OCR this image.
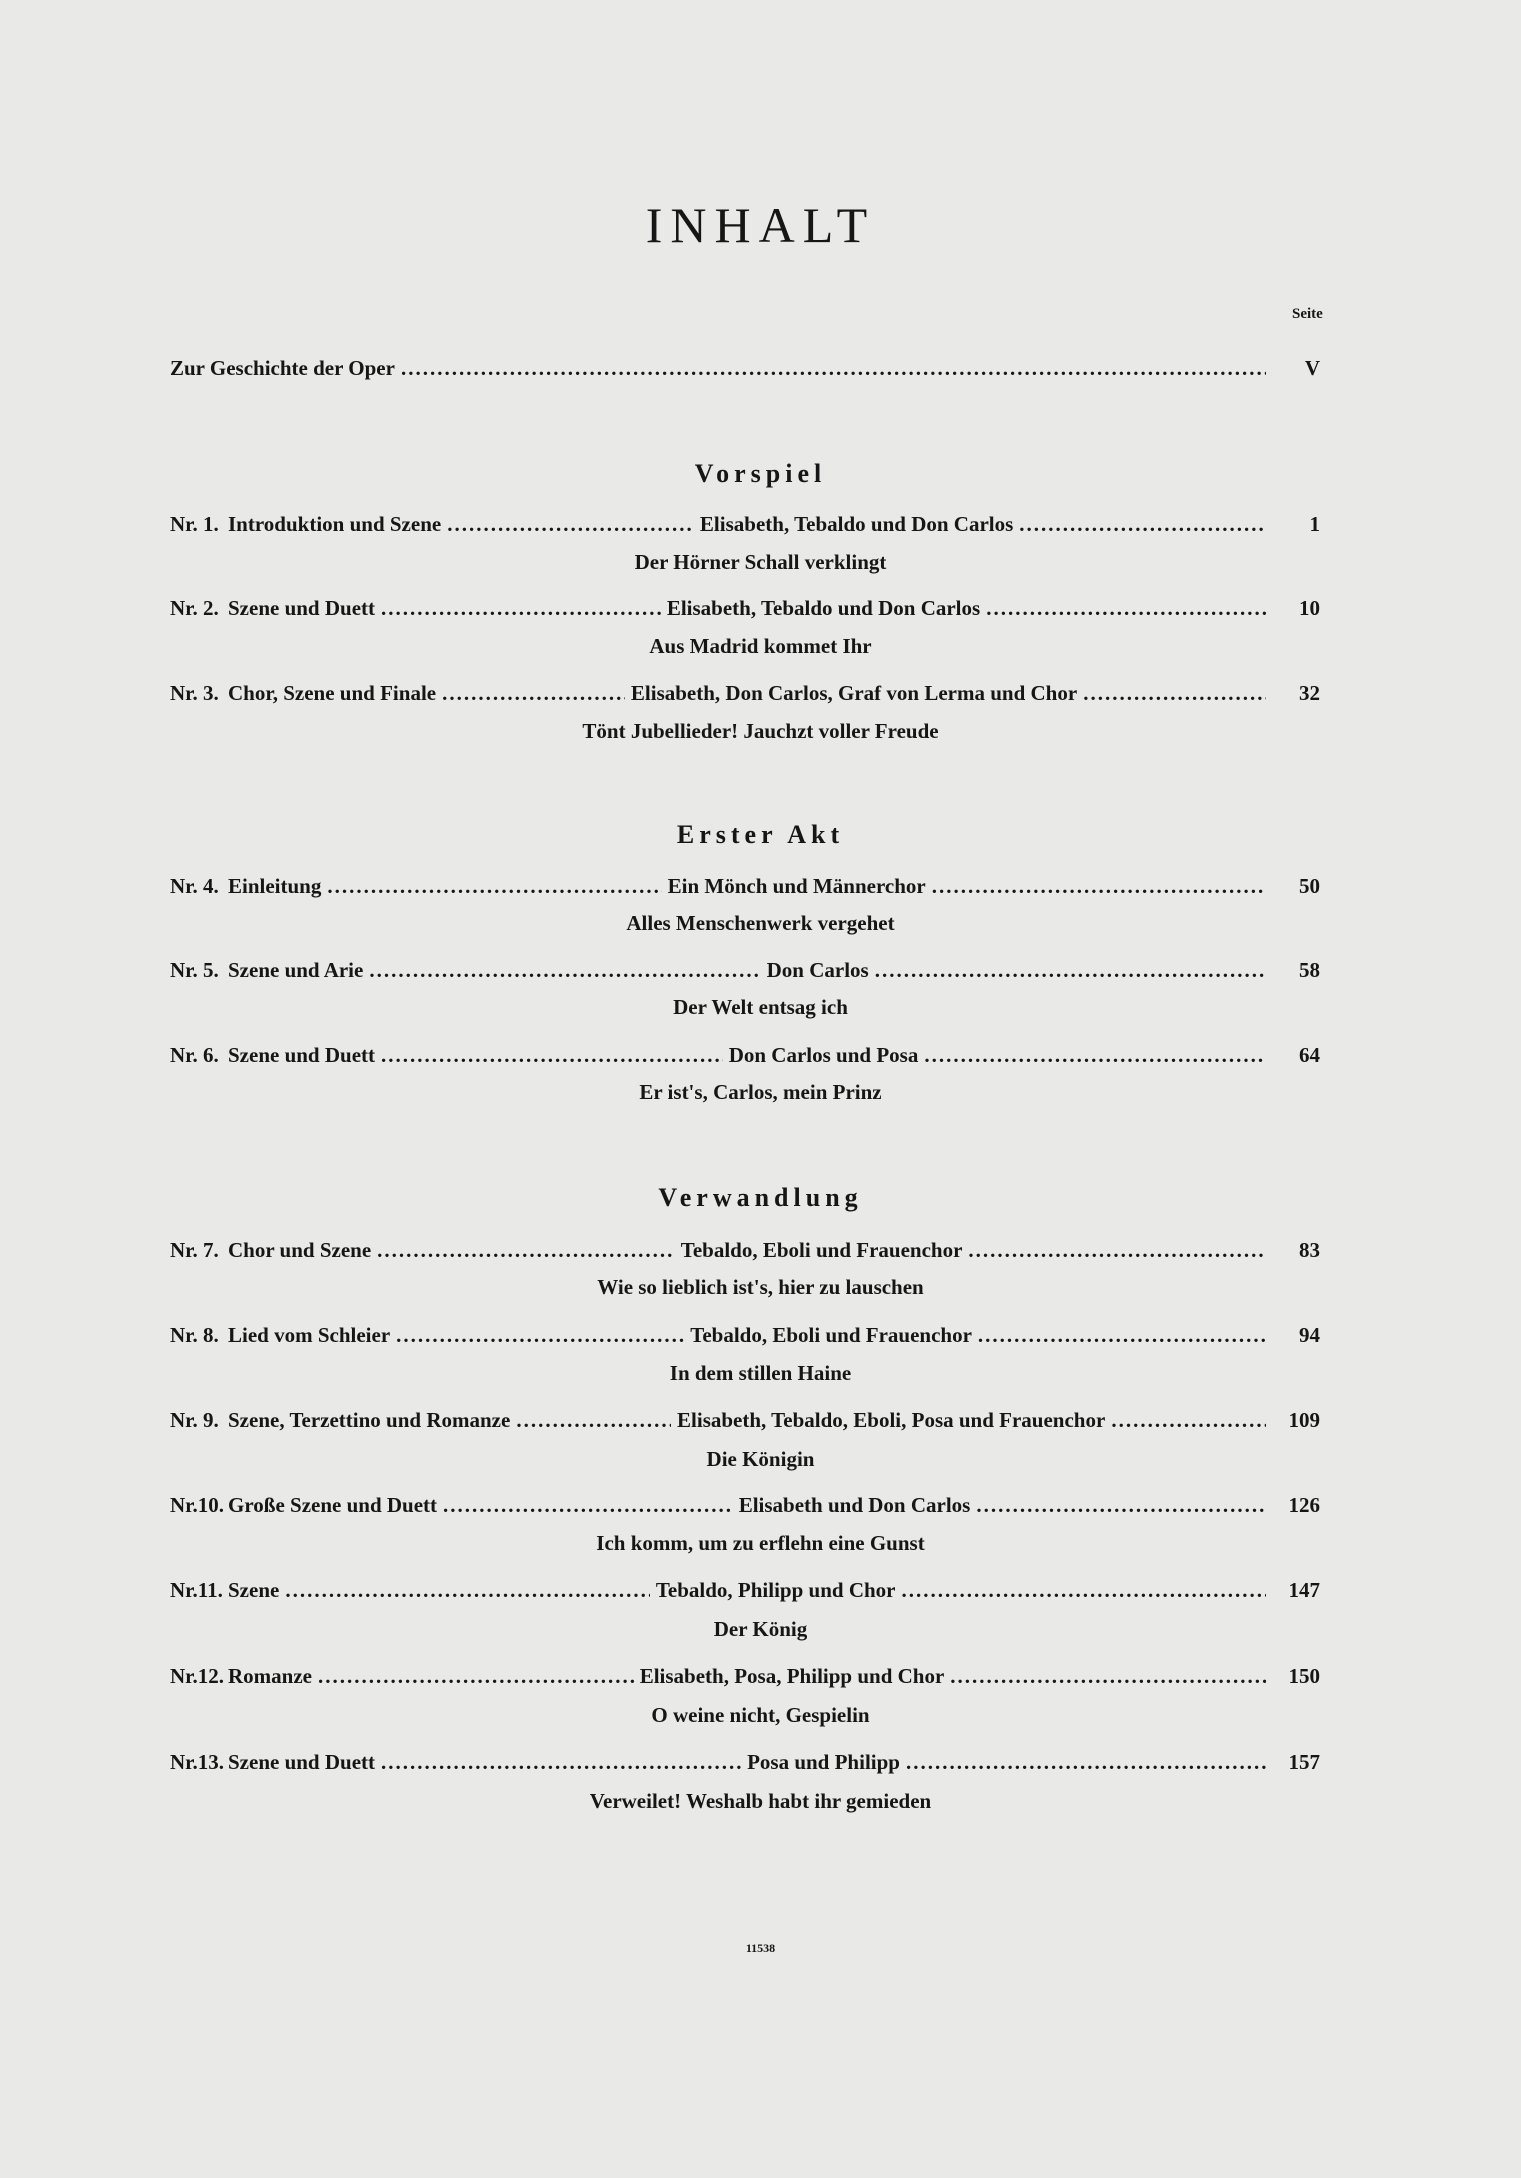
INHALT
Seite
Zur Geschichte der Oper .....	V
Vorspiel
Nr. 1. Introduktion und Szene .....	Elisabeth, Tebaldo und Don Carlos .....	1
Der Hörner Schall verklingt
Nr. 2. Szene und Duett .....	Elisabeth, Tebaldo und Don Carlos .....	10
Aus Madrid kommet Ihr
Nr. 3. Chor, Szene und Finale .....	Elisabeth, Don Carlos, Graf von Lerma und Chor .....	32
Tönt Jubellieder! Jauchzt voller Freude
Erster Akt
Nr. 4. Einleitung .....	Ein Mönch und Männerchor .....	50
Alles Menschenwerk vergehet
Nr. 5. Szene und Arie .....	Don Carlos .....	58
Der Welt entsag ich
Nr. 6. Szene und Duett .....	Don Carlos und Posa .....	64
Er ist's, Carlos, mein Prinz
Verwandlung
Nr. 7. Chor und Szene .....	Tebaldo, Eboli und Frauenchor .....	83
Wie so lieblich ist's, hier zu lauschen
Nr. 8. Lied vom Schleier .....	Tebaldo, Eboli und Frauenchor .....	94
In dem stillen Haine
Nr. 9. Szene, Terzettino und Romanze .....	Elisabeth, Tebaldo, Eboli, Posa und Frauenchor .....	109
Die Königin
Nr.10. Große Szene und Duett .....	Elisabeth und Don Carlos .....	126
Ich komm, um zu erflehn eine Gunst
Nr.11. Szene .....	Tebaldo, Philipp und Chor .....	147
Der König
Nr.12. Romanze .....	Elisabeth, Posa, Philipp und Chor .....	150
O weine nicht, Gespielin
Nr.13. Szene und Duett .....	Posa und Philipp .....	157
Verweilet! Weshalb habt ihr gemieden
11538
